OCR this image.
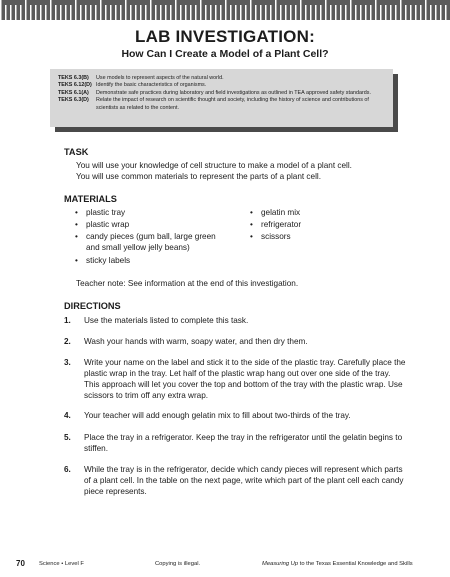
LAB INVESTIGATION:
How Can I Create a Model of a Plant Cell?
TEKS 6.3(B)	Use models to represent aspects of the natural world.
TEKS 6.12(D) Identify the basic characteristics of organisms.
TEKS 6.1(A)	Demonstrate safe practices during laboratory and field investigations as outlined in TEA approved safety standards.
TEKS 6.3(D)	Relate the impact of research on scientific thought and society, including the history of science and contributions of scientists as related to the content.
TASK
You will use your knowledge of cell structure to make a model of a plant cell.
You will use common materials to represent the parts of a plant cell.
MATERIALS
• plastic tray
• plastic wrap
• candy pieces (gum ball, large green and small yellow jelly beans)
• sticky labels
• gelatin mix
• refrigerator
• scissors
Teacher note: See information at the end of this investigation.
DIRECTIONS
1.	Use the materials listed to complete this task.
2.	Wash your hands with warm, soapy water, and then dry them.
3.	Write your name on the label and stick it to the side of the plastic tray. Carefully place the plastic wrap in the tray. Let half of the plastic wrap hang out over one side of the tray. This approach will let you cover the top and bottom of the tray with the plastic wrap. Use scissors to trim off any extra wrap.
4.	Your teacher will add enough gelatin mix to fill about two-thirds of the tray.
5.	Place the tray in a refrigerator. Keep the tray in the refrigerator until the gelatin begins to stiffen.
6.	While the tray is in the refrigerator, decide which candy pieces will represent which parts of a plant cell. In the table on the next page, write which part of the plant cell each candy piece represents.
70 Science • Level F	Copying is illegal.	Measuring Up to the Texas Essential Knowledge and Skills
